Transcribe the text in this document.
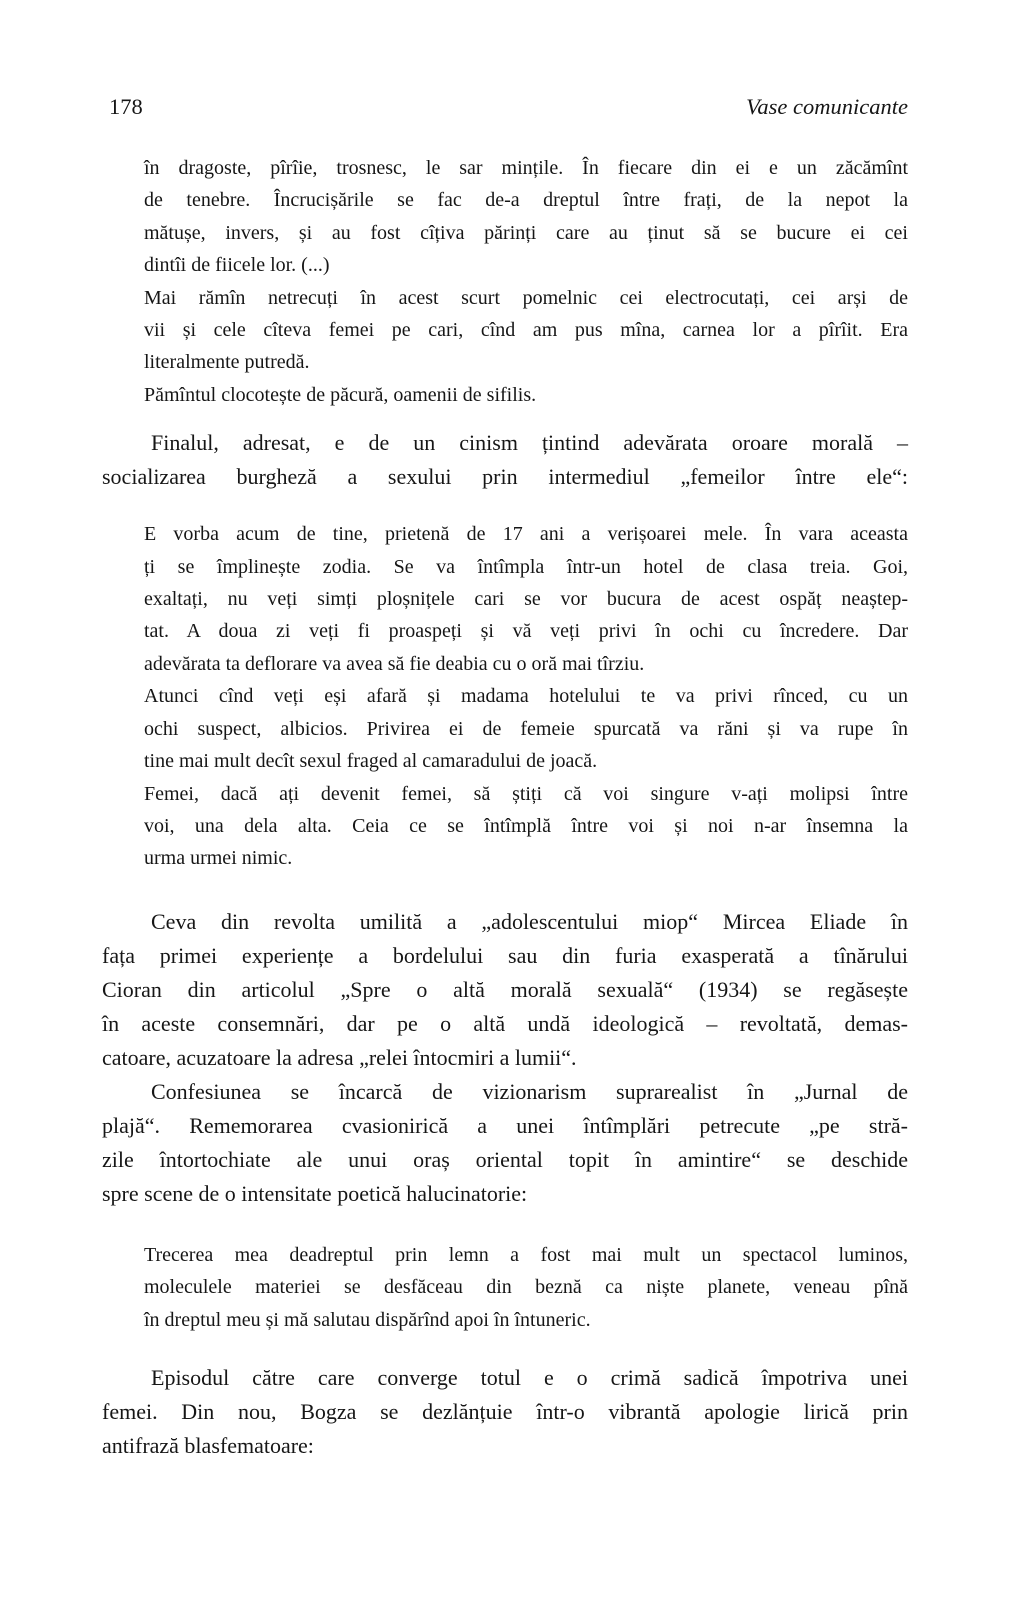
178	Vase comunicante
în dragoste, pîrîie, trosnesc, le sar mințile. În fiecare din ei e un zăcămînt
de tenebre. Încrucișările se fac de-a dreptul între frați, de la nepot la
mătușe, invers, și au fost cîțiva părinți care au ținut să se bucure ei cei
dintîi de fiicele lor. (...)
Mai rămîn netrecuți în acest scurt pomelnic cei electrocutați, cei arși de
vii și cele cîteva femei pe cari, cînd am pus mîna, carnea lor a pîrîit. Era
literalmente putredă.
Pămîntul clocotește de păcură, oamenii de sifilis.
Finalul, adresat, e de un cinism țintind adevărata oroare morală –
socializarea burgheză a sexului prin intermediul „femeilor între ele“:
E vorba acum de tine, prietenă de 17 ani a verișoarei mele. În vara aceasta
ți se împlinește zodia. Se va întîmpla într-un hotel de clasa treia. Goi,
exaltați, nu veți simți ploșnițele cari se vor bucura de acest ospăț neaștep-
tat. A doua zi veți fi proaspeți și vă veți privi în ochi cu încredere. Dar
adevărata ta deflorare va avea să fie deabia cu o oră mai tîrziu.
Atunci cînd veți eși afară și madama hotelului te va privi rînced, cu un
ochi suspect, albicios. Privirea ei de femeie spurcată va răni și va rupe în
tine mai mult decît sexul fraged al camaradului de joacă.
Femei, dacă ați devenit femei, să știți că voi singure v-ați molipsi între
voi, una dela alta. Ceia ce se întîmplă între voi și noi n-ar însemna la
urma urmei nimic.
Ceva din revolta umilită a „adolescentului miop“ Mircea Eliade în
fața primei experiențe a bordelului sau din furia exasperată a tînărului
Cioran din articolul „Spre o altă morală sexuală“ (1934) se regăsește
în aceste consemnări, dar pe o altă undă ideologică – revoltată, demas-
catoare, acuzatoare la adresa „relei întocmiri a lumii“.
Confesiunea se încarcă de vizionarism suprarealist în „Jurnal de
plajă“. Rememorarea cvasionirică a unei întîmplări petrecute „pe stră-
zile întortochiate ale unui oraș oriental topit în amintire“ se deschide
spre scene de o intensitate poetică halucinatorie:
Trecerea mea deadreptul prin lemn a fost mai mult un spectacol luminos,
moleculele materiei se desfăceau din beznă ca niște planete, veneau pînă
în dreptul meu și mă salutau dispărînd apoi în întuneric.
Episodul către care converge totul e o crimă sadică împotriva unei
femei. Din nou, Bogza se dezlănțuie într-o vibrantă apologie lirică prin
antifrază blasfematoare:
